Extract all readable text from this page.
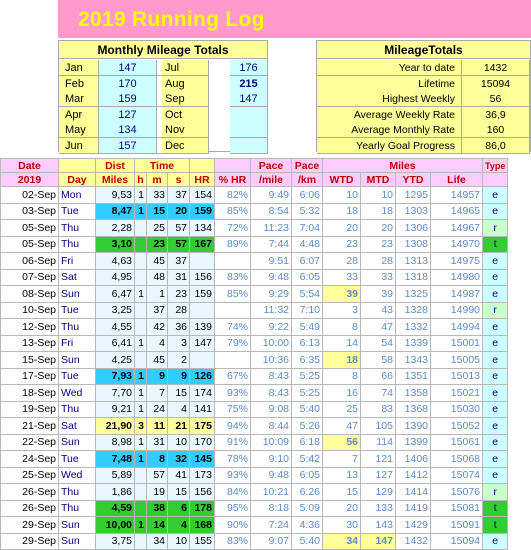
2019 Running Log
Monthly Mileage Totals
Jan	147
Feb	170
Mar	159
Apr	127
May	134
Jun	157
Jul	176
Aug	215
Sep	147
Oct
Nov
Dec
MileageTotals
Year to date	1432
Lifetime	15094
Highest Weekly	56
Average Weekly Rate	36,9
Average Monthly Rate	160
Yearly Goal Progress	86,0
Date		Dist	Time					Pace	Pace	Miles				Type
2019	Day	Miles	h	m	s	HR	% HR	/mile	/km	WTD	MTD	YTD	Life	
02-Sep	Mon	9,53	1	33	37	154	82%	9:49	6:06	10	10	1295	14957	e
03-Sep	Tue	8,47	1	15	20	159	85%	8:54	5:32	18	18	1303	14965	e
05-Sep	Thu	2,28		25	57	134	72%	11:23	7:04	20	20	1306	14967	r
05-Sep	Thu	3,10		23	57	167	89%	7:44	4:48	23	23	1308	14970	t
06-Sep	Fri	4,63		45	37			9:51	6:07	28	28	1313	14975	e
07-Sep	Sat	4,95		48	31	156	83%	9:48	6:05	33	33	1318	14980	e
08-Sep	Sun	6,47	1	1	23	159	85%	9:29	5:54	39	39	1325	14987	e
10-Sep	Tue	3,25		37	28			11:32	7:10	3	43	1328	14990	r
12-Sep	Thu	4,55		42	36	139	74%	9:22	5:49	8	47	1332	14994	e
13-Sep	Fri	6,41	1	4	3	147	79%	10:00	6:13	14	54	1339	15001	e
15-Sep	Sun	4,25		45	2			10:36	6:35	18	58	1343	15005	e
17-Sep	Tue	7,93	1	9	9	126	67%	8:43	5:25	8	66	1351	15013	e
18-Sep	Wed	7,70	1	7	15	174	93%	8:43	5:25	16	74	1358	15021	e
19-Sep	Thu	9,21	1	24	4	141	75%	9:08	5:40	25	83	1368	15030	e
21-Sep	Sat	21,90	3	11	21	175	94%	8:44	5:26	47	105	1390	15052	e
22-Sep	Sun	8,98	1	31	10	170	91%	10:09	6:18	56	114	1399	15061	e
24-Sep	Tue	7,48	1	8	32	145	78%	9:10	5:42	7	121	1406	15068	e
25-Sep	Wed	5,89		57	41	173	93%	9:48	6:05	13	127	1412	15074	e
26-Sep	Thu	1,86		19	15	156	84%	10:21	6:26	15	129	1414	15076	r
26-Sep	Thu	4,59		38	6	178	95%	8:18	5:09	20	133	1419	15081	t
29-Sep	Sun	10,00	1	14	4	168	90%	7:24	4:36	30	143	1429	15091	t
29-Sep	Sun	3,75		34	10	155	83%	9:07	5:40	34	147	1432	15094	e
